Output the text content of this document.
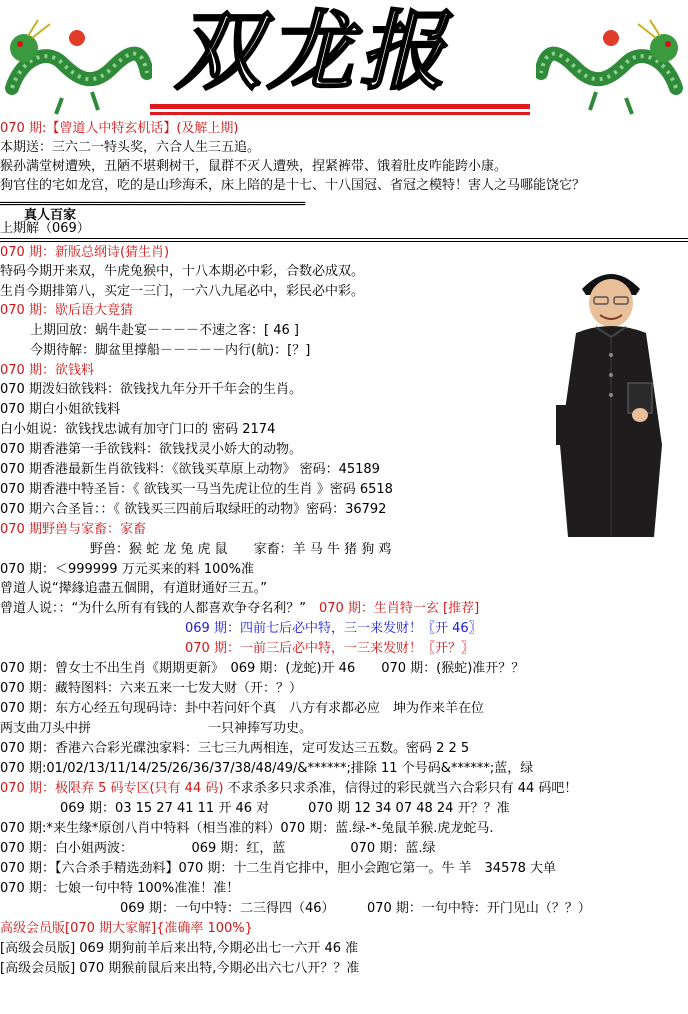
双龙报
070 期:【曾道人中特玄机话】(及解上期)
本期送：三六二一特头奖，六合人生三五追。
猴孙满堂树遭殃，丑陋不堪剩树干，鼠群不灭人遭殃，捏紧裤带、饿着肚皮咋能跨小康。
狗官住的宅如龙宫，吃的是山珍海禾，床上陪的是十七、十八国冠、省冠之模特！害人之马哪能饶它？
═══════════════════════════════════════
真人百家
上期解（069）
070 期：新版总纲诗(猜生肖)
特码今期开来双，牛虎兔猴中，十八本期必中彩，合数必成双。
生肖今期排第八，买定一三门，一六八九尾必中，彩民必中彩。
070 期：歇后语大竟猜
上期回放：蜗牛赴宴－－－－不速之客：[ 46 ]
今期待解：脚盆里撑船－－－－－内行(航)：[？]
070 期：欲钱料
070 期泼妇欲钱料：欲钱找九年分开千年会的生肖。
070 期白小姐欲钱料
白小姐说：欲钱找忠诚有加守门口的 密码 2174
070 期香港第一手欲钱料：欲钱找灵小娇大的动物。
070 期香港最新生肖欲钱料：《欲钱买草原上动物》 密码：45189
070 期香港中特圣旨：《 欲钱买一马当先虎让位的生肖 》密码 6518
070 期六合圣旨：：《 欲钱买三四前后取绿旺的动物》密码：36792
070 期野兽与家畜：家畜
野兽：猴 蛇 龙 兔 虎 鼠　　家畜：羊 马 牛 猪 狗 鸡
070 期：＜999999 万元买来的料 100%准
曾道人说“撵緣追盡五個開，有道財通好三五。”
曾道人说：：“为什么所有有钱的人都喜欢争夺名利？”　070 期：生肖特一玄 [推荐]
069 期：四前七后必中特，三一来发财！〖开 46〗
070 期：一前三后必中特，一三来发财！〖开？〗
070 期：曾女士不出生肖《期期更新》　069 期：(龙蛇)开 46　　070 期：(猴蛇)准开？？
070 期：藏特图料：六来五来一七发大财（开：？）
070 期：东方心经五句现码诗：卦中若问奸个真　八方有求都必应　坤为作来羊在位
两支曲刀头中拼　　　　　　　　　一只神捧写功史。
070 期：香港六合彩光碟浊家料：三七三九两相连，定可发达三五数。密码 2 2 5
070 期:01/02/13/11/14/25/26/36/37/38/48/49/&******;排除 11 个号码&******;蓝，绿
070 期：极限弃 5 码专区(只有 44 码) 不求杀多只求杀准，信得过的彩民就当六合彩只有 44 码吧！
069 期：03 15 27 41 11 开 46 对　　　070 期 12 34 07 48 24 开？？准
070 期:*来生缘*原创八肖中特料（相当准的料）070 期：蓝.绿-*-兔鼠羊猴.虎龙蛇马.
070 期：白小姐两波：　　　　　069 期：红，蓝　　　　　070 期：蓝.绿
070 期：【六合杀手精选劲料】070 期：十二生肖它排中，胆小会跑它第一。牛 羊　34578 大单
070 期：七娘一句中特 100%准准！准！
069 期：一句中特：二三得四（46）　　　070 期：一句中特：开门见山（？？）
高级会员版[070 期大家解]{准确率 100%}
[高级会员版] 069 期狗前羊后来出特,今期必出七一六开 46 准
[高级会员版] 070 期猴前鼠后来出特,今期必出六七八开？？准
